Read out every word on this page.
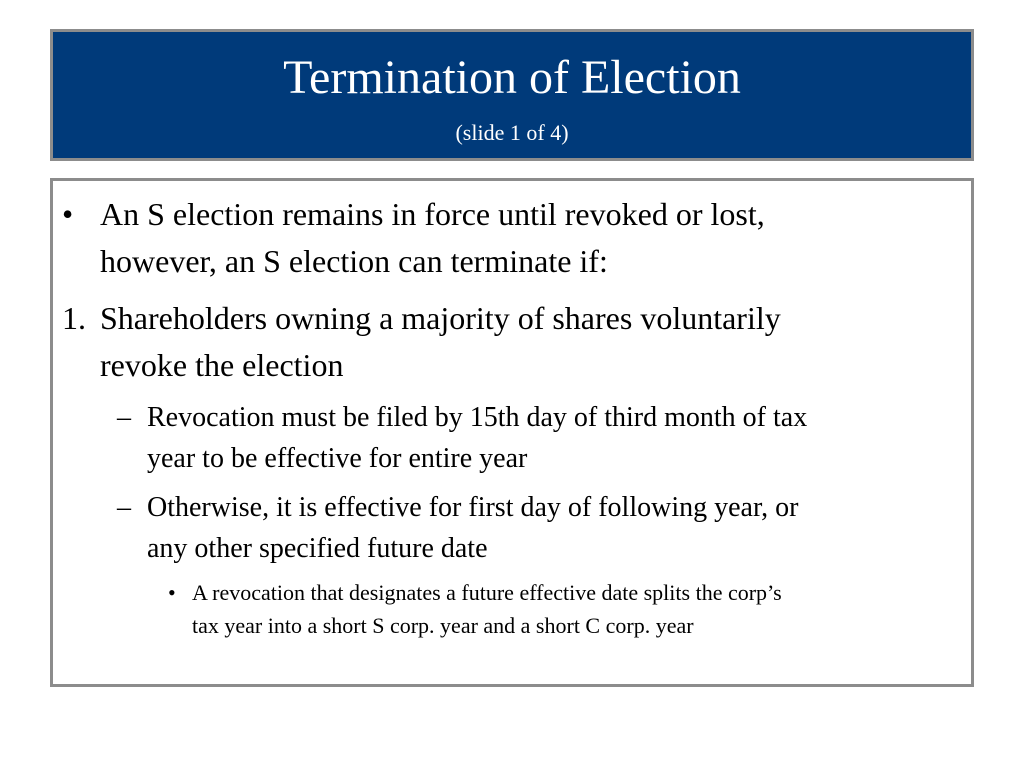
Termination of Election
(slide 1 of 4)
• An S election remains in force until revoked or lost,
however, an S election can terminate if:
1. Shareholders owning a majority of shares voluntarily
revoke the election
– Revocation must be filed by 15th day of third month of tax
year to be effective for entire year
– Otherwise, it is effective for first day of following year, or
any other specified future date
• A revocation that designates a future effective date splits the corp’s
tax year into a short S corp. year and a short C corp. year
